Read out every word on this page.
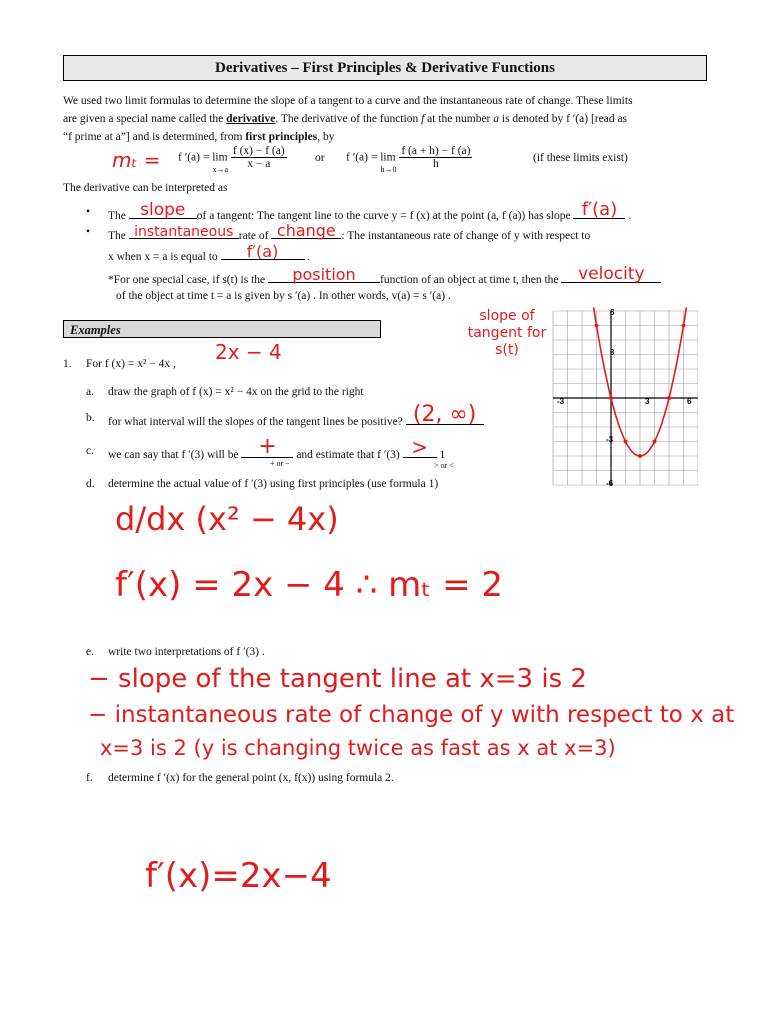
Derivatives – First Principles & Derivative Functions
We used two limit formulas to determine the slope of a tangent to a curve and the instantaneous rate of change. These limits
are given a special name called the derivative. The derivative of the function f at the number a is denoted by f ′(a) [read as
“f prime at a”] and is determined, from first principles, by
mₜ = f ′(a) = lim
x→a
$\frac{f (x) - f (a)}{x - a}$ or f ′(a) = lim
h→0
$\frac{f (a + h) - f (a)}{h}$	(if these limits exist)
The derivative can be interpreted as
• The slope of a tangent: The tangent line to the curve y = f (x) at the point (a, f (a)) has slope f′(a) .
• The instantaneous rate of change : The instantaneous rate of change of y with respect to
x when x = a is equal to	f′(a)	.
*For one special case, if s(t) is the	position	function of an object at time t, then the	velocity
of the object at time t = a is given by s ′(a) . In other words, v(a) = s ′(a) .
Examples
slope of
tangent for
s(t)
1. For f (x) = x² − 4x , 2x − 4
a. draw the graph of f (x) = x² − 4x on the grid to the right
b. for what interval will the slopes of the tangent lines be positive? (2, ∞)
c. we can say that f ′(3) will be +	and estimate that f ′(3) >	1
+ or −	> or <
d. determine the actual value of f ′(3) using first principles (use formula 1)
d/dx (x² − 4x)
f′(x) = 2x − 4 ∴ mₜ = 2
e. write two interpretations of f ′(3) .
− slope of the tangent line at x=3 is 2
− instantaneous rate of change of y with respect to x at
x=3 is 2 (y is changing twice as fast as x at x=3)
f. determine f ′(x) for the general point (x, f(x)) using formula 2.
f′(x)=2x−4
6
3
-3
-6
-3	3	6
